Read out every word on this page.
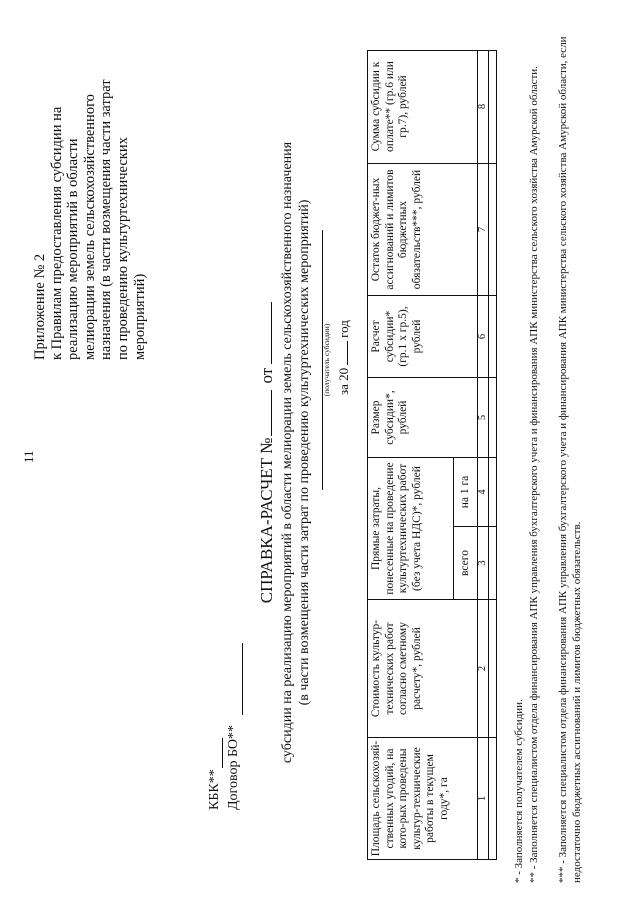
11
Приложение № 2 к Правилам предоставления субсидии на реализацию мероприятий в области мелиорации земель сельскохозяйственного назначения (в части возмещения части затрат по проведению культуртехнических мероприятий)
КБК** Договор БО**
СПРАВКА-РАСЧЕТ №от субсидии на реализацию мероприятий в области мелиорации земель сельскохозяйственного назначения (в части возмещения части затрат по проведению культуртехнических мероприятий) (получатель субсидии) за 20год
Площадь сельскохозяй-ственных угодий, на кото-рых проведены культур-технические работы в текущем году*, га
Стоимость культур-технических работ согласно сметному расчету*, рублей
Прямые затраты, понесенные на проведение культуртехнических работ (без учета НДС)*, рублей	всего
на 1 га
Размер субсидии*, рублей
Расчет субсидии* (гр.1 х гр.5), рублей
Остаток бюджет-ных ассигнований и лимитов бюджетных обязательств***, рублей
Сумма субсидии к оплате** (гр.6 или гр.7), рублей
1
2
3
4
5
6
7
8
* - Заполняется получателем субсидии. ** - Заполняется специалистом отдела финансирования АПК управления бухгалтерского учета и финансирования АПК министерства сельского хозяйства Амурской области. *** - Заполняется специалистом отдела финансирования АПК управления бухгалтерского учета и финансирования АПК министерства сельского хозяйства Амурской области, если недостаточно бюджетных ассигнований и лимитов бюджетных обязательств.
